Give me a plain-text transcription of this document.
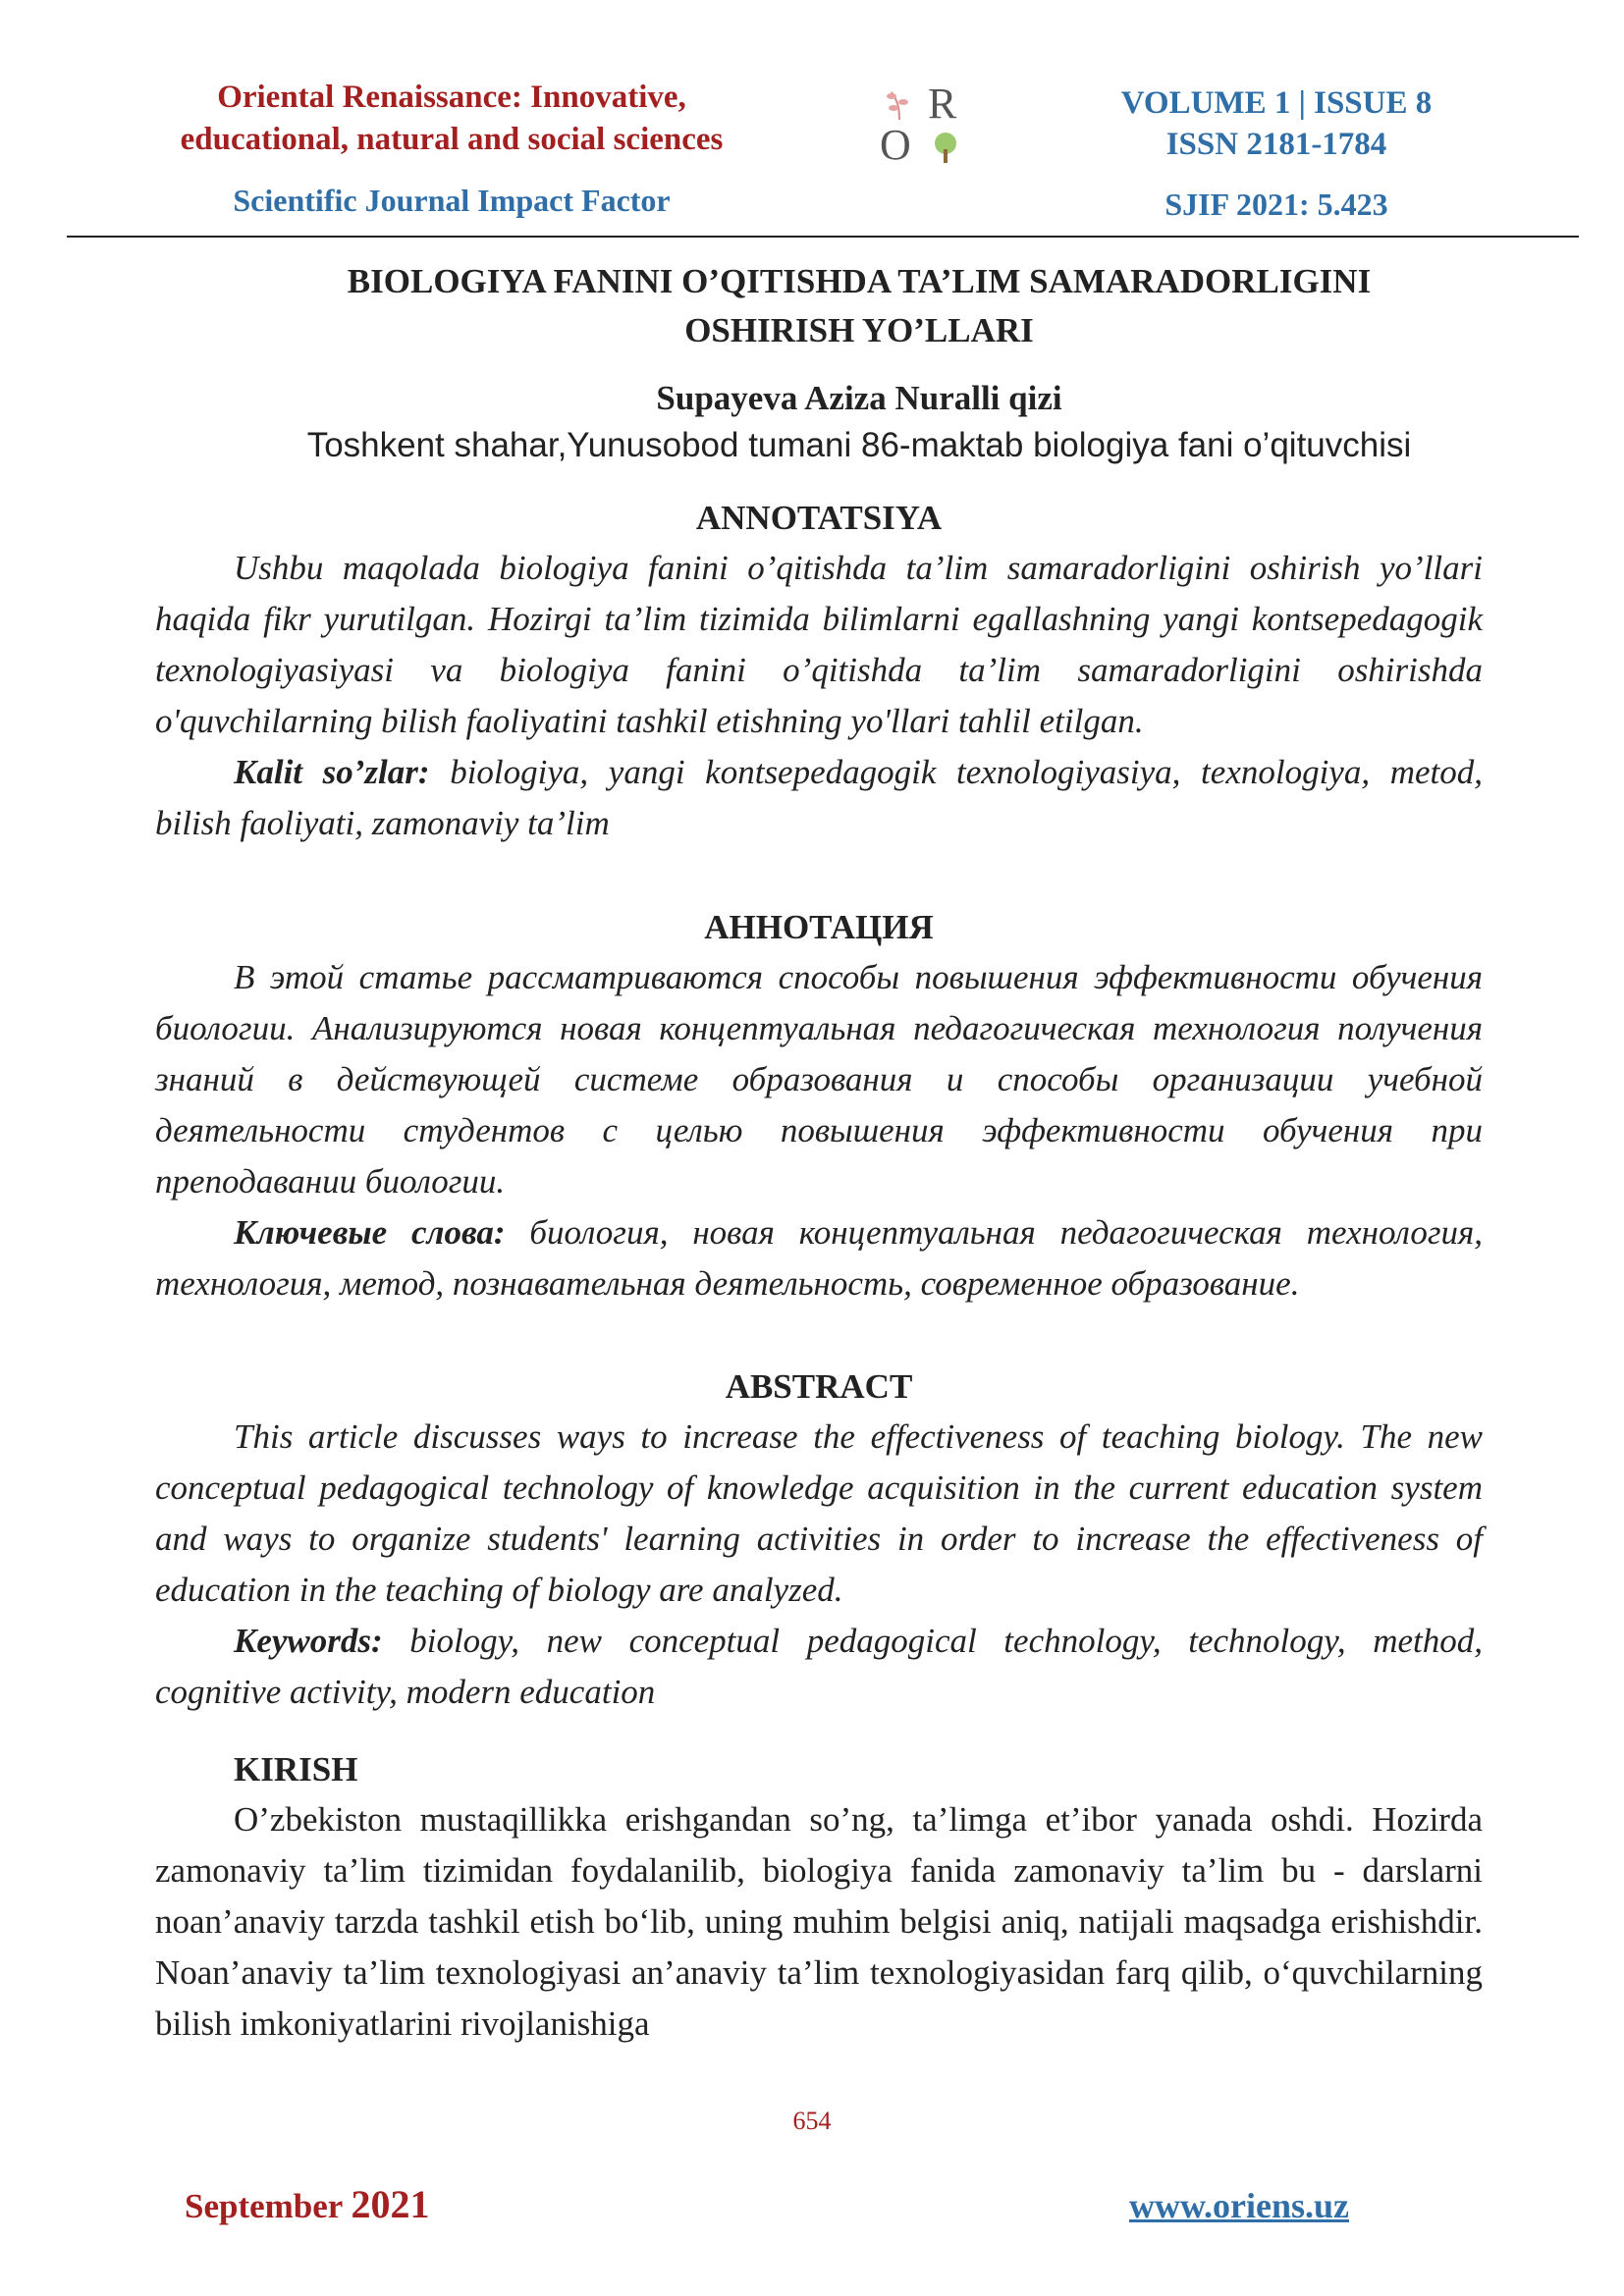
Oriental Renaissance: Innovative,
educational, natural and social sciences
Scientific Journal Impact Factor
R
O
VOLUME 1 | ISSUE 8
ISSN 2181-1784
SJIF 2021: 5.423
BIOLOGIYA FANINI O’QITISHDA TA’LIM SAMARADORLIGINI
OSHIRISH YO’LLARI
Supayeva Aziza Nuralli qizi
Toshkent shahar,Yunusobod tumani 86-maktab biologiya fani o’qituvchisi
ANNOTATSIYA

Ushbu maqolada biologiya fanini o’qitishda ta’lim samaradorligini oshirish yo’llari haqida fikr yurutilgan. Hozirgi ta’lim tizimida bilimlarni egallashning yangi kontsepedagogik texnologiyasiyasi va biologiya fanini o’qitishda ta’lim samaradorligini oshirishda o'quvchilarning bilish faoliyatini tashkil etishning yo'llari tahlil etilgan.

Kalit so’zlar: biologiya, yangi kontsepedagogik texnologiyasiya, texnologiya, metod, bilish faoliyati, zamonaviy ta’lim

АННОТАЦИЯ

В этой статье рассматриваются способы повышения эффективности обучения биологии. Анализируются новая концептуальная педагогическая технология получения знаний в действующей системе образования и способы организации учебной деятельности студентов с целью повышения эффективности обучения при преподавании биологии.

Ключевые слова: биология, новая концептуальная педагогическая технология, технология, метод, познавательная деятельность, современное образование.

ABSTRACT

This article discusses ways to increase the effectiveness of teaching biology. The new conceptual pedagogical technology of knowledge acquisition in the current education system and ways to organize students' learning activities in order to increase the effectiveness of education in the teaching of biology are analyzed.

Keywords: biology, new conceptual pedagogical technology, technology, method, cognitive activity, modern education

KIRISH

O’zbekiston mustaqillikka erishgandan so’ng, ta’limga et’ibor yanada oshdi. Hozirda zamonaviy ta’lim tizimidan foydalanilib, biologiya fanida zamonaviy ta’lim bu - darslarni noan’anaviy tarzda tashkil etish bo‘lib, uning muhim belgisi aniq, natijali maqsadga erishishdir. Noan’anaviy ta’lim texnologiyasi an’anaviy ta’lim texnologiyasidan farq qilib, o‘quvchilarning bilish imkoniyatlarini rivojlanishiga

654
September 2021	www.oriens.uz
